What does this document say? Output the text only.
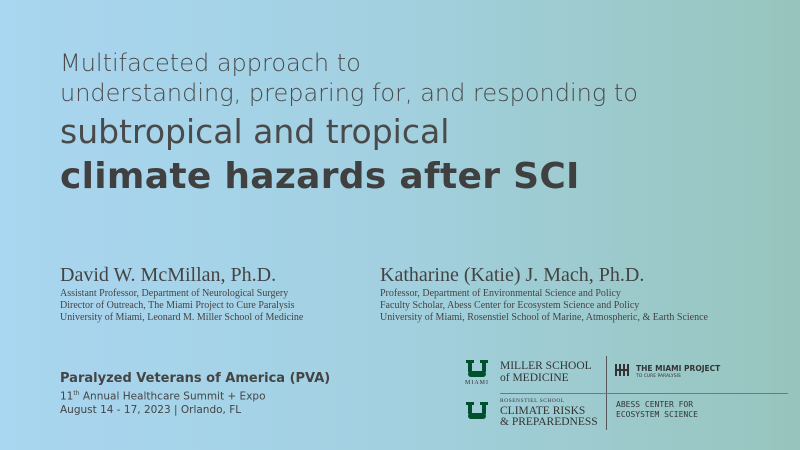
Multifaceted approach to
understanding, preparing for, and responding to
subtropical and tropical
climate hazards after SCI
David W. McMillan, Ph.D.
Assistant Professor, Department of Neurological Surgery
Director of Outreach, The Miami Project to Cure Paralysis
University of Miami, Leonard M. Miller School of Medicine
Katharine (Katie) J. Mach, Ph.D.
Professor, Department of Environmental Science and Policy
Faculty Scholar, Abess Center for Ecosystem Science and Policy
University of Miami, Rosenstiel School of Marine, Atmospheric, & Earth Science
Paralyzed Veterans of America (PVA)
11th Annual Healthcare Summit + Expo
August 14 - 17, 2023 | Orlando, FL
MIAMI
MILLER SCHOOL
of MEDICINE
THE MIAMI PROJECT
TO CURE PARALYSIS
ROSENSTIEL SCHOOL
CLIMATE RISKS
& PREPAREDNESS
ABESS CENTER FOR
ECOSYSTEM SCIENCE
